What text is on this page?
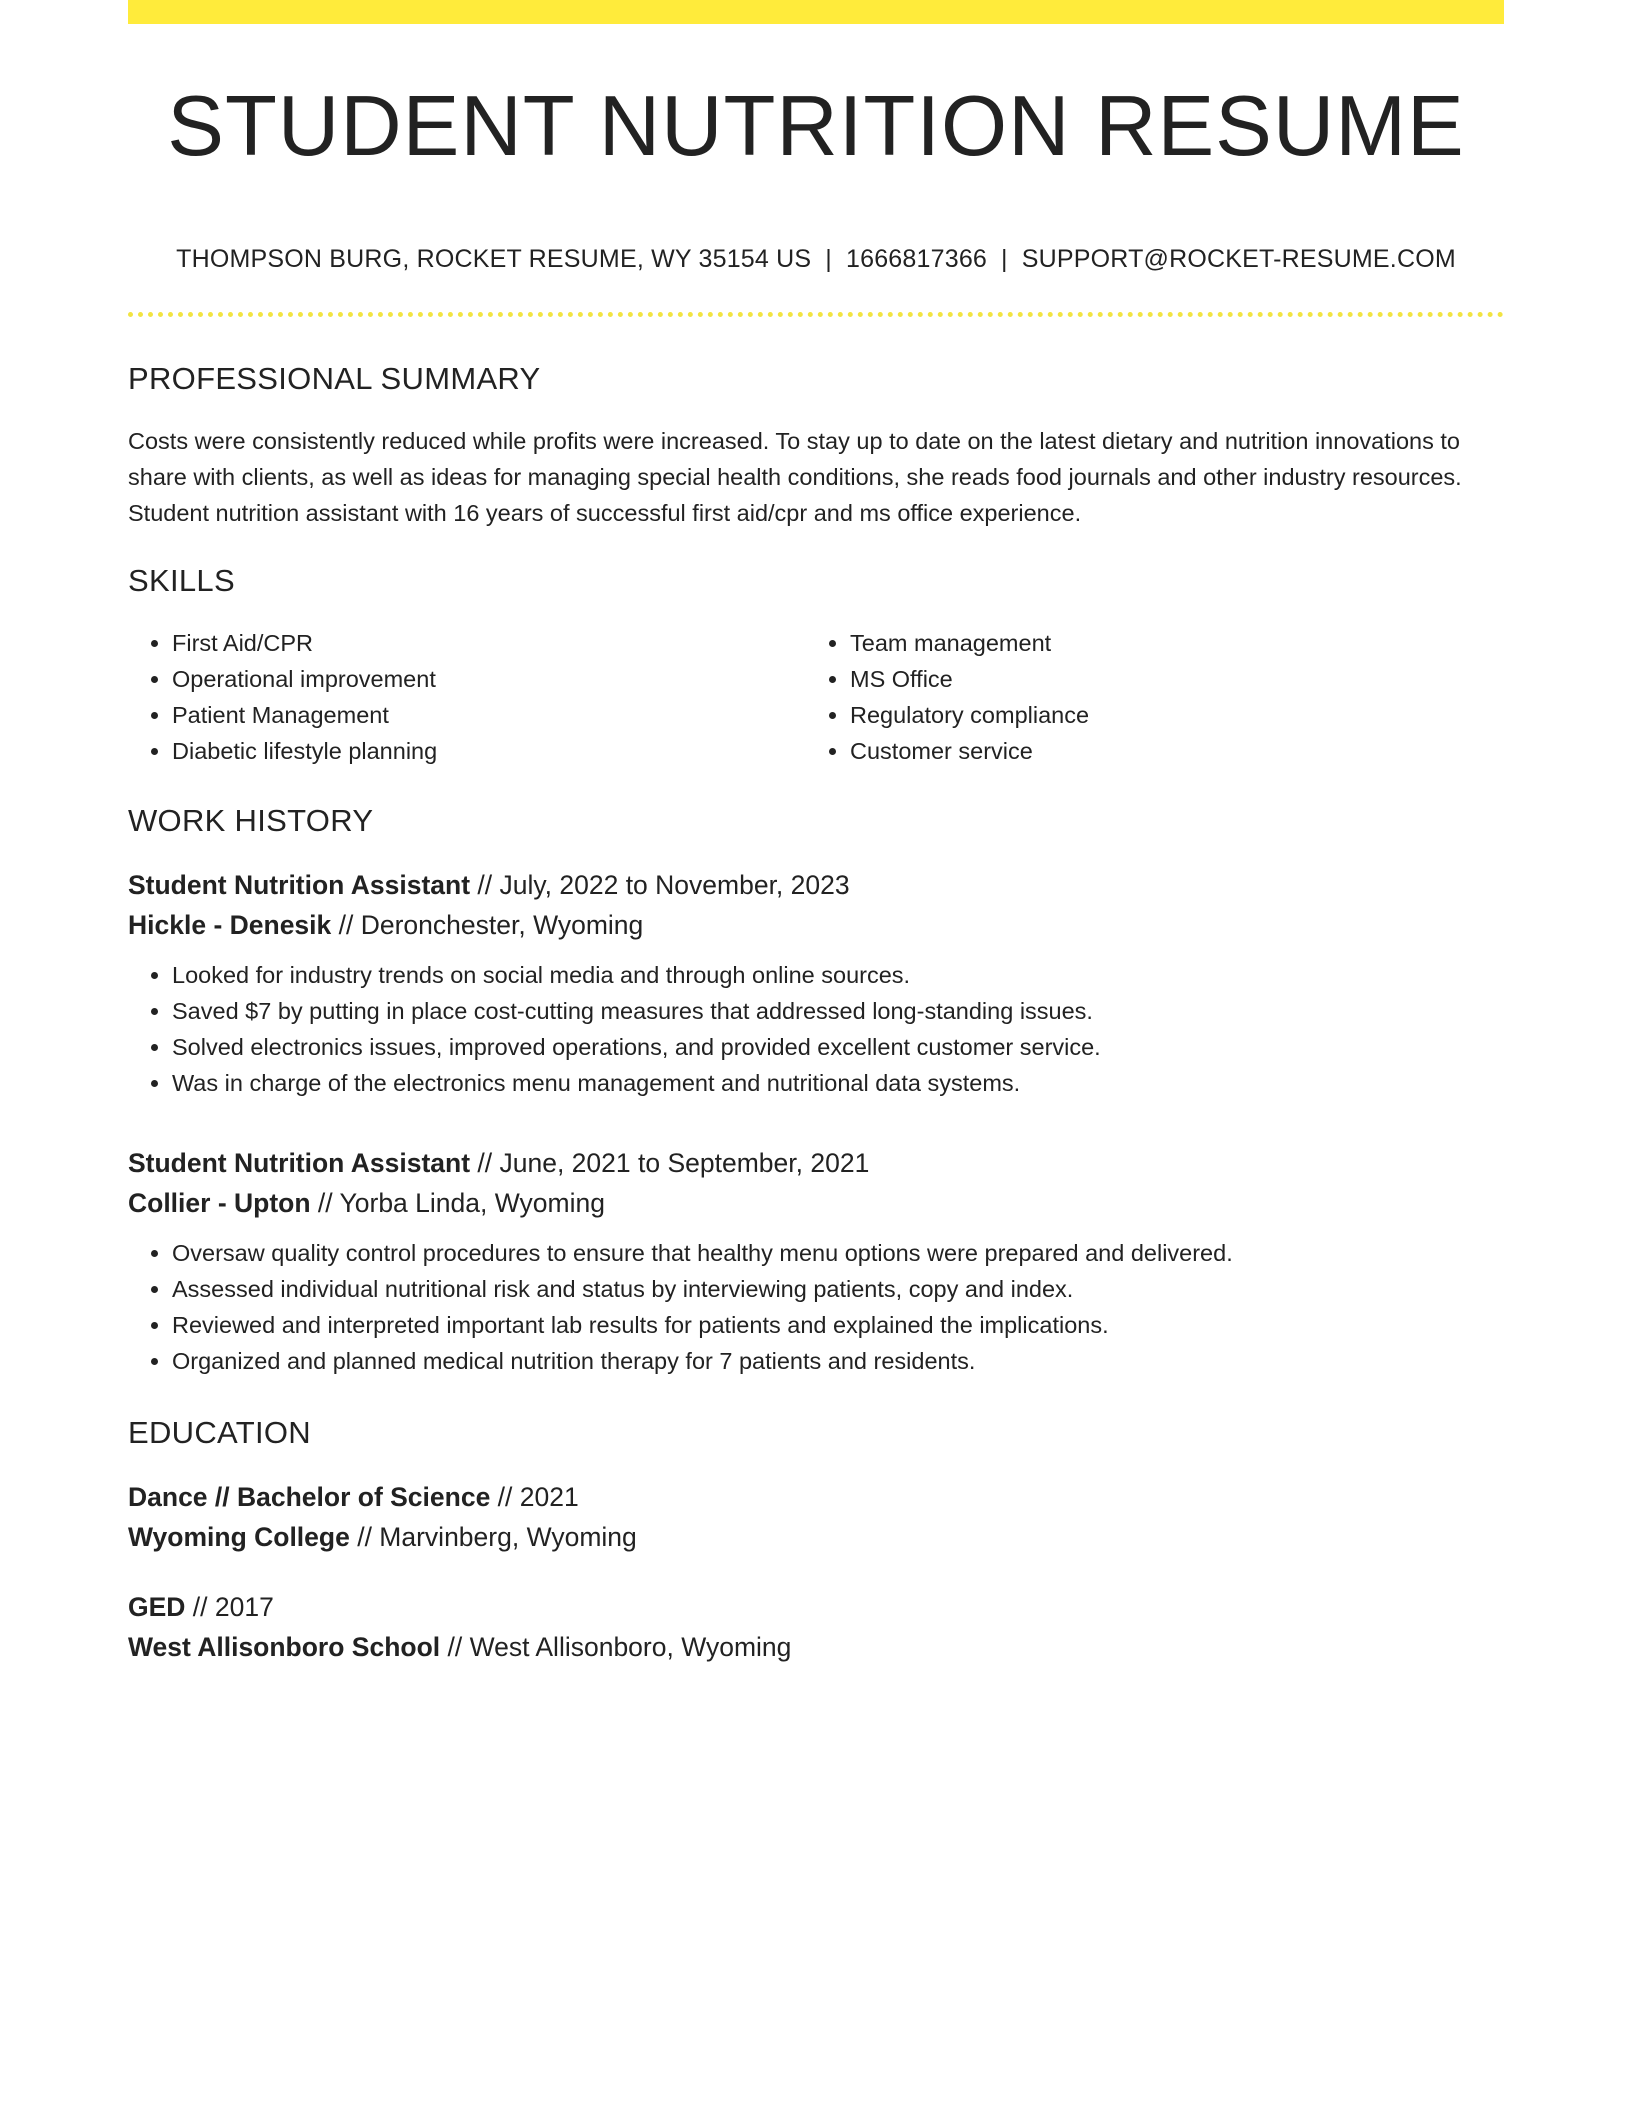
STUDENT NUTRITION RESUME
THOMPSON BURG, ROCKET RESUME, WY 35154 US | 1666817366 | SUPPORT@ROCKET-RESUME.COM
PROFESSIONAL SUMMARY

Costs were consistently reduced while profits were increased. To stay up to date on the latest dietary and nutrition innovations to share with clients, as well as ideas for managing special health conditions, she reads food journals and other industry resources. Student nutrition assistant with 16 years of successful first aid/cpr and ms office experience.

SKILLS
• First Aid/CPR
• Operational improvement
• Patient Management
• Diabetic lifestyle planning
• Team management
• MS Office
• Regulatory compliance
• Customer service
WORK HISTORY
Student Nutrition Assistant // July, 2022 to November, 2023
Hickle - Denesik // Deronchester, Wyoming
• Looked for industry trends on social media and through online sources.
• Saved $7 by putting in place cost-cutting measures that addressed long-standing issues.
• Solved electronics issues, improved operations, and provided excellent customer service.
• Was in charge of the electronics menu management and nutritional data systems.
Student Nutrition Assistant // June, 2021 to September, 2021
Collier - Upton // Yorba Linda, Wyoming
• Oversaw quality control procedures to ensure that healthy menu options were prepared and delivered.
• Assessed individual nutritional risk and status by interviewing patients, copy and index.
• Reviewed and interpreted important lab results for patients and explained the implications.
• Organized and planned medical nutrition therapy for 7 patients and residents.
EDUCATION
Dance // Bachelor of Science // 2021
Wyoming College // Marvinberg, Wyoming
GED // 2017
West Allisonboro School // West Allisonboro, Wyoming
